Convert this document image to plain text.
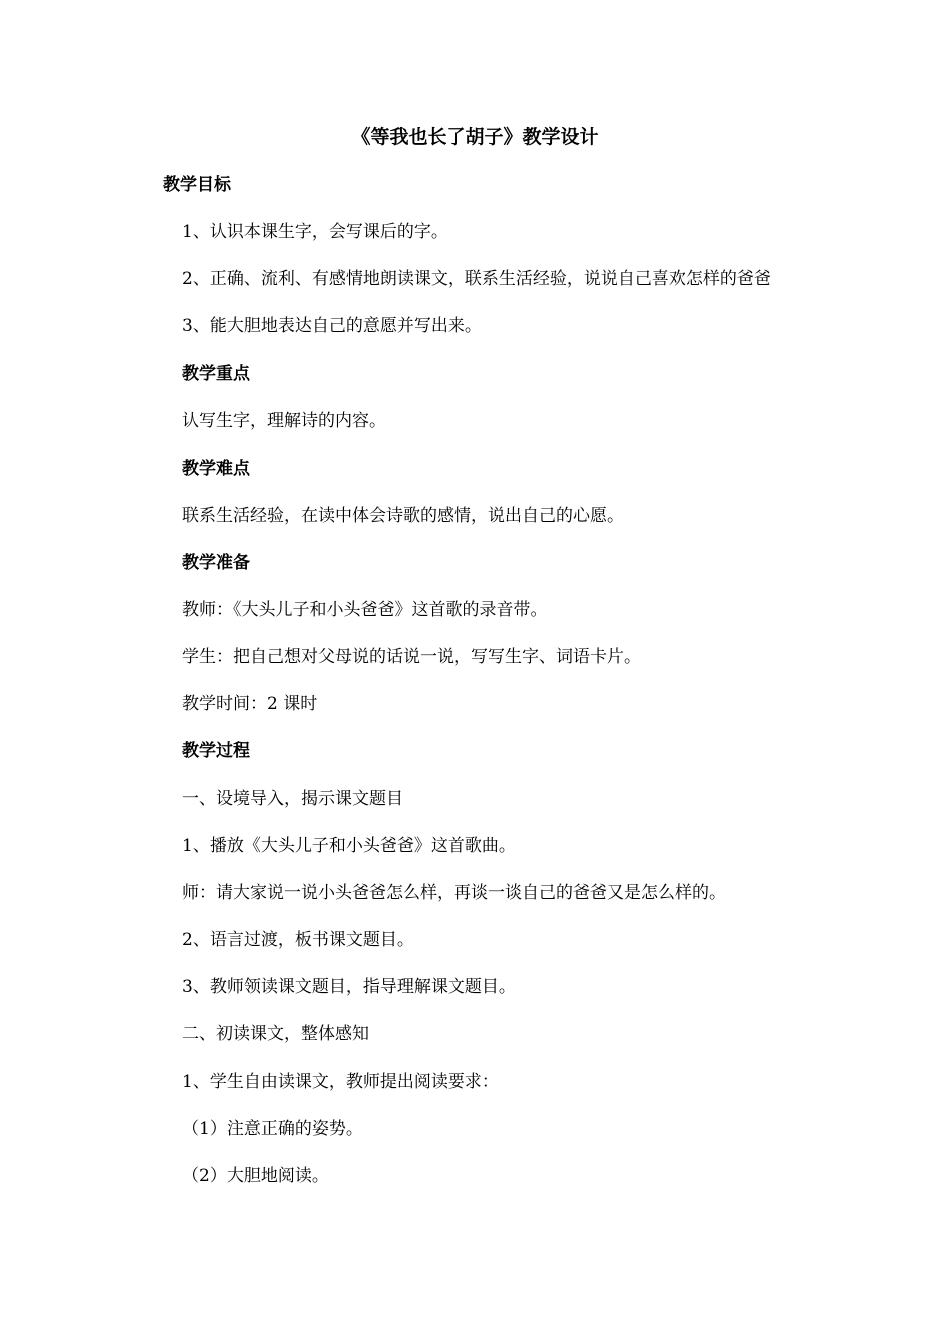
《等我也长了胡子》教学设计
教学目标
1、认识本课生字，会写课后的字。
2、正确、流利、有感情地朗读课文，联系生活经验，说说自己喜欢怎样的爸爸
3、能大胆地表达自己的意愿并写出来。
教学重点
认写生字，理解诗的内容。
教学难点
联系生活经验，在读中体会诗歌的感情，说出自己的心愿。
教学准备
教师：《大头儿子和小头爸爸》这首歌的录音带。
学生：把自己想对父母说的话说一说，写写生字、词语卡片。
教学时间：2 课时
教学过程
一、设境导入，揭示课文题目
1、播放《大头儿子和小头爸爸》这首歌曲。
师：请大家说一说小头爸爸怎么样，再谈一谈自己的爸爸又是怎么样的。
2、语言过渡，板书课文题目。
3、教师领读课文题目，指导理解课文题目。
二、初读课文，整体感知
1、学生自由读课文，教师提出阅读要求：
（1）注意正确的姿势。
（2）大胆地阅读。
